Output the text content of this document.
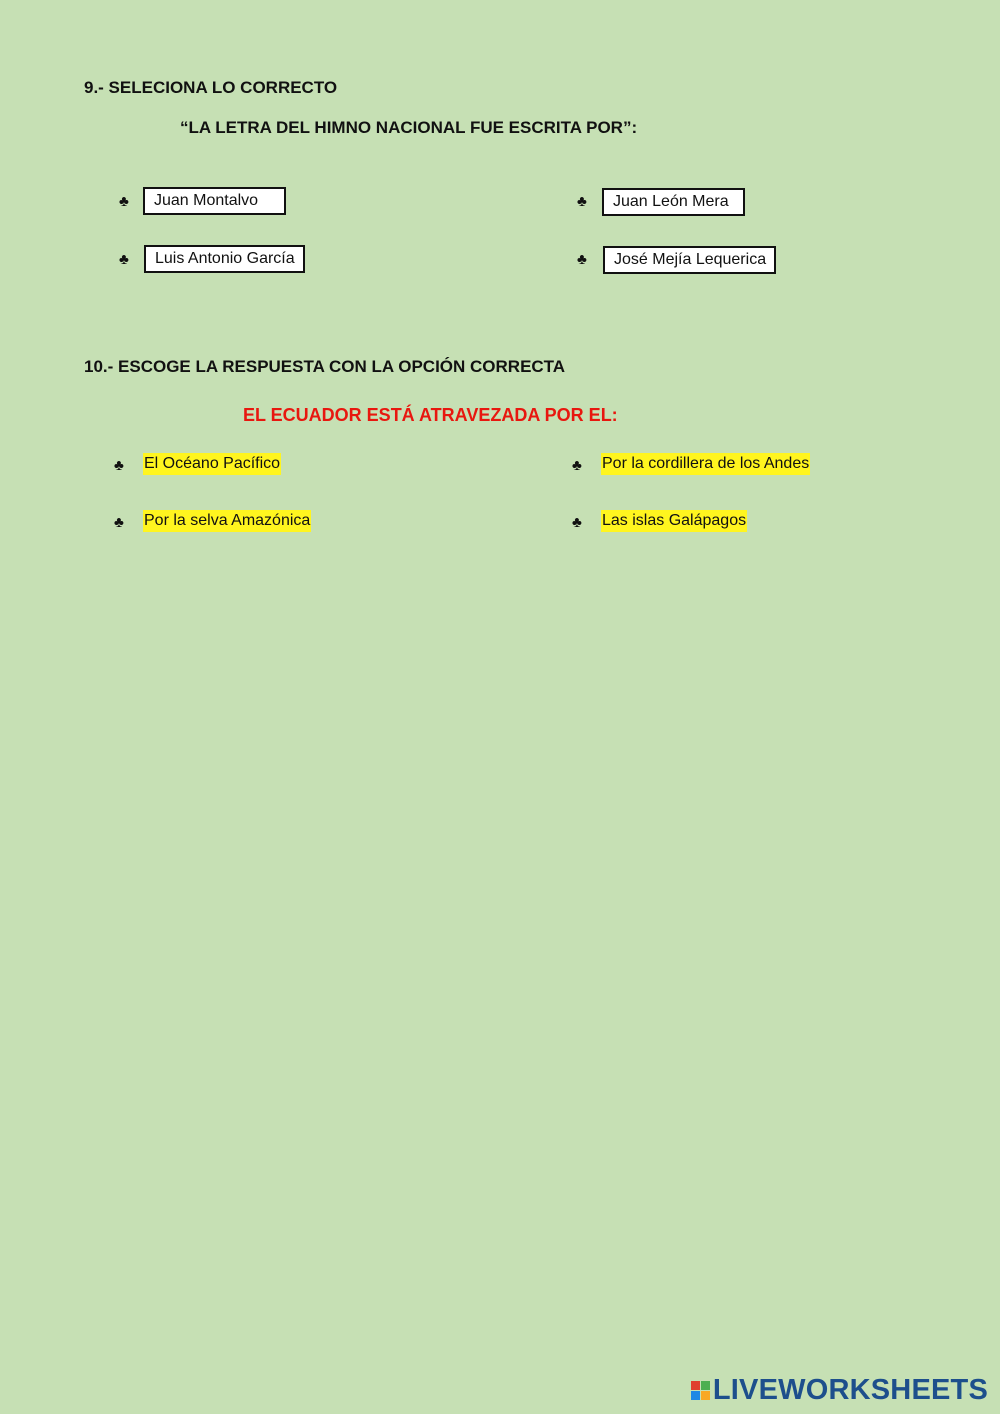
9.- SELECIONA LO CORRECTO
“LA LETRA DEL HIMNO NACIONAL FUE ESCRITA POR”:
♣	Juan Montalvo	♣	Juan León Mera
♣	Luis Antonio García	♣	José Mejía Lequerica
10.- ESCOGE LA RESPUESTA CON LA OPCIÓN CORRECTA
EL ECUADOR ESTÁ ATRAVEZADA POR EL:
♣ El Océano Pacífico	♣ Por la cordillera de los Andes
♣ Por la selva Amazónica	♣ Las islas Galápagos
LIVEWORKSHEETS
